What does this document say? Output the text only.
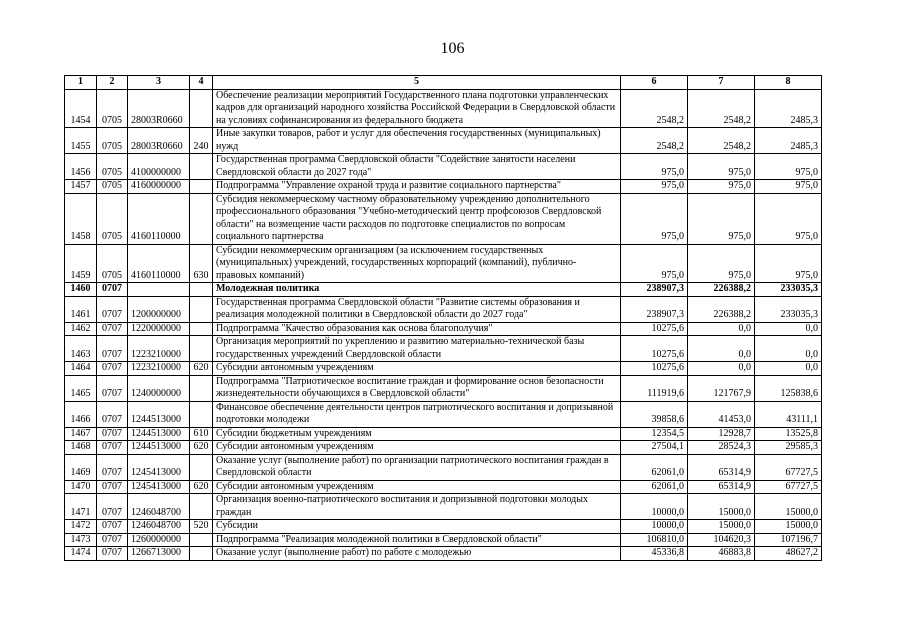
106
1	2	3	4	5	6	7	8
1454	0705	28003R0660		Обеспечение реализации мероприятий Государственного плана подготовки управленческих кадров для организаций народного хозяйства Российской Федерации в Свердловской области на условиях софинансирования из федерального бюджета	2548,2	2548,2	2485,3
1455	0705	28003R0660	240	Иные закупки товаров, работ и услуг для обеспечения государственных (муниципальных) нужд	2548,2	2548,2	2485,3
1456	0705	4100000000		Государственная программа Свердловской области "Содействие занятости населени Свердловской области до 2027 года"	975,0	975,0	975,0
1457	0705	4160000000		Подпрограмма "Управление охраной труда и развитие социального партнерства"	975,0	975,0	975,0
1458	0705	4160110000		Субсидия некоммерческому частному образовательному учреждению дополнительного профессионального образования "Учебно-методический центр профсоюзов Свердловской области" на возмещение части расходов по подготовке специалистов по вопросам социального партнерства	975,0	975,0	975,0
1459	0705	4160110000	630	Субсидии некоммерческим организациям (за исключением государственных (муниципальных) учреждений, государственных корпораций (компаний), публично-правовых компаний)	975,0	975,0	975,0
1460	0707			Молодежная политика	238907,3	226388,2	233035,3
1461	0707	1200000000		Государственная программа Свердловской области "Развитие системы образования и реализация молодежной политики в Свердловской области до 2027 года"	238907,3	226388,2	233035,3
1462	0707	1220000000		Подпрограмма "Качество образования как основа благополучия"	10275,6	0,0	0,0
1463	0707	1223210000		Организация мероприятий по укреплению и развитию материально-технической базы государственных учреждений Свердловской области	10275,6	0,0	0,0
1464	0707	1223210000	620	Субсидии автономным учреждениям	10275,6	0,0	0,0
1465	0707	1240000000		Подпрограмма "Патриотическое воспитание граждан и формирование основ безопасности жизнедеятельности обучающихся в Свердловской области"	111919,6	121767,9	125838,6
1466	0707	1244513000		Финансовое обеспечение деятельности центров патриотического воспитания и допризывной подготовки молодежи	39858,6	41453,0	43111,1
1467	0707	1244513000	610	Субсидии бюджетным учреждениям	12354,5	12928,7	13525,8
1468	0707	1244513000	620	Субсидии автономным учреждениям	27504,1	28524,3	29585,3
1469	0707	1245413000		Оказание услуг (выполнение работ) по организации патриотического воспитания граждан в Свердловской области	62061,0	65314,9	67727,5
1470	0707	1245413000	620	Субсидии автономным учреждениям	62061,0	65314,9	67727,5
1471	0707	1246048700		Организация военно-патриотического воспитания и допризывной подготовки молодых граждан	10000,0	15000,0	15000,0
1472	0707	1246048700	520	Субсидии	10000,0	15000,0	15000,0
1473	0707	1260000000		Подпрограмма "Реализация молодежной политики в Свердловской области"	106810,0	104620,3	107196,7
1474	0707	1266713000		Оказание услуг (выполнение работ) по работе с молодежью	45336,8	46883,8	48627,2
